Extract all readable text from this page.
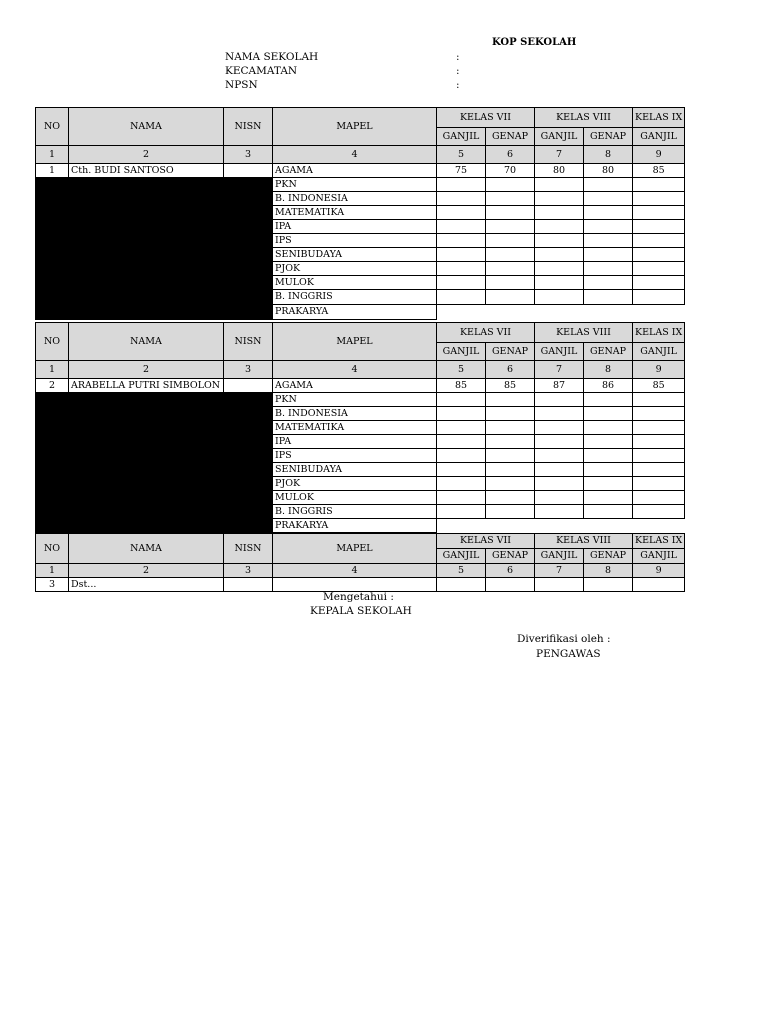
KOP SEKOLAH
NAMA SEKOLAH	:
KECAMATAN	:
NPSN	:
NO	NAMA	NISN	MAPEL	KELAS VII		KELAS VIII		KELAS IX
				GANJIL	GENAP	GANJIL	GENAP	GANJIL
1	2	3	4	5	6	7	8	9
1	Cth. BUDI SANTOSO		AGAMA	75	70	80	80	85
			PKN					
			B. INDONESIA					
			MATEMATIKA					
			IPA					
			IPS					
			SENIBUDAYA					
			PJOK					
			MULOK					
			B. INGGRIS					
			PRAKARYA					
NO	NAMA	NISN	MAPEL	KELAS VII		KELAS VIII		KELAS IX
				GANJIL	GENAP	GANJIL	GENAP	GANJIL
1	2	3	4	5	6	7	8	9
2	ARABELLA PUTRI SIMBOLON		AGAMA	85	85	87	86	85
			PKN					
			B. INDONESIA					
			MATEMATIKA					
			IPA					
			IPS					
			SENIBUDAYA					
			PJOK					
			MULOK					
			B. INGGRIS					
			PRAKARYA					
NO	NAMA	NISN	MAPEL	KELAS VII		KELAS VIII		KELAS IX
				GANJIL	GENAP	GANJIL	GENAP	GANJIL
1	2	3	4	5	6	7	8	9
3	Dst...							
Mengetahui :
KEPALA SEKOLAH
Diverifikasi oleh :
PENGAWAS
